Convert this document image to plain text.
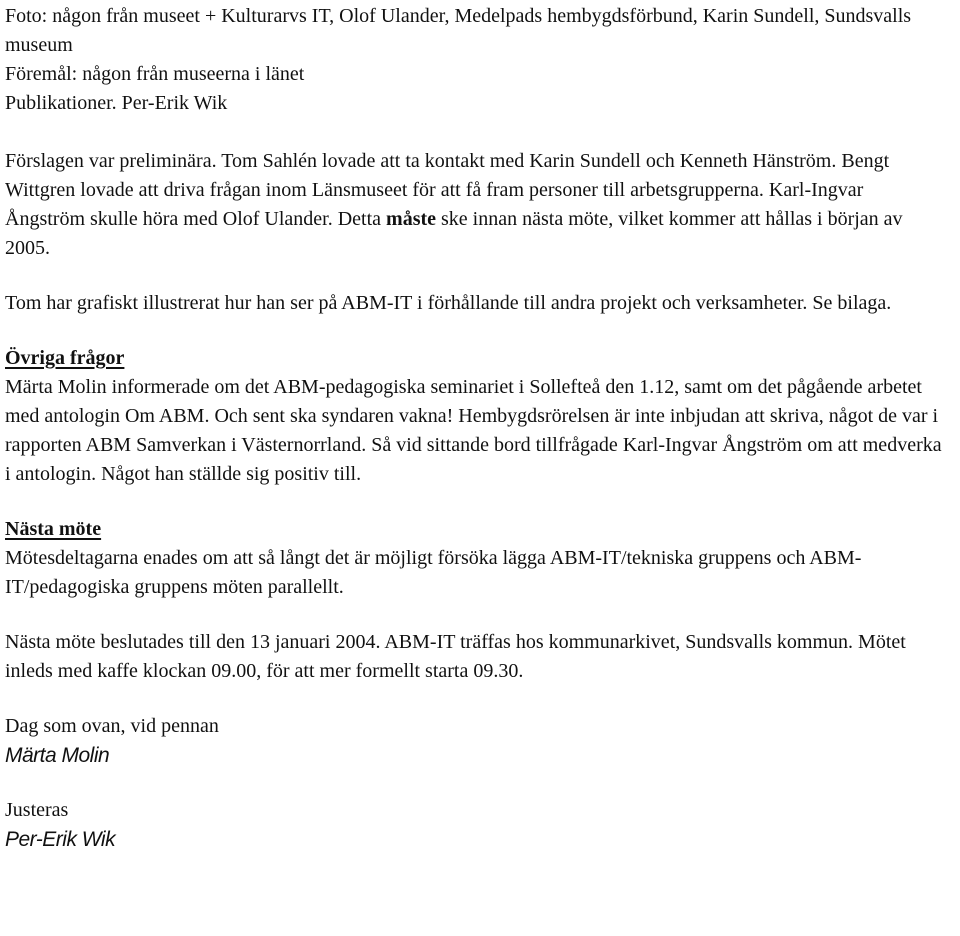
Foto: någon från museet + Kulturarvs IT, Olof Ulander, Medelpads hembygdsförbund, Karin Sundell, Sundsvalls museum

Föremål: någon från museerna i länet

Publikationer. Per-Erik Wik

Förslagen var preliminära. Tom Sahlén lovade att ta kontakt med Karin Sundell och Kenneth Hänström. Bengt Wittgren lovade att driva frågan inom Länsmuseet för att få fram personer till arbetsgrupperna. Karl-Ingvar Ångström skulle höra med Olof Ulander. Detta måste ske innan nästa möte, vilket kommer att hållas i början av 2005.

Tom har grafiskt illustrerat hur han ser på ABM-IT i förhållande till andra projekt och verksamheter. Se bilaga.

Övriga frågor

Märta Molin informerade om det ABM-pedagogiska seminariet i Sollefteå den 1.12, samt om det pågående arbetet med antologin Om ABM. Och sent ska syndaren vakna! Hembygdsrörelsen är inte inbjudan att skriva, något de var i rapporten ABM Samverkan i Västernorrland. Så vid sittande bord tillfrågade Karl-Ingvar Ångström om att medverka i antologin. Något han ställde sig positiv till.

Nästa möte

Mötesdeltagarna enades om att så långt det är möjligt försöka lägga ABM-IT/tekniska gruppens och ABM-IT/pedagogiska gruppens möten parallellt.

Nästa möte beslutades till den 13 januari 2004. ABM-IT träffas hos kommunarkivet, Sundsvalls kommun. Mötet inleds med kaffe klockan 09.00, för att mer formellt starta 09.30.

Dag som ovan, vid pennan

Märta Molin

Justeras

Per-Erik Wik
